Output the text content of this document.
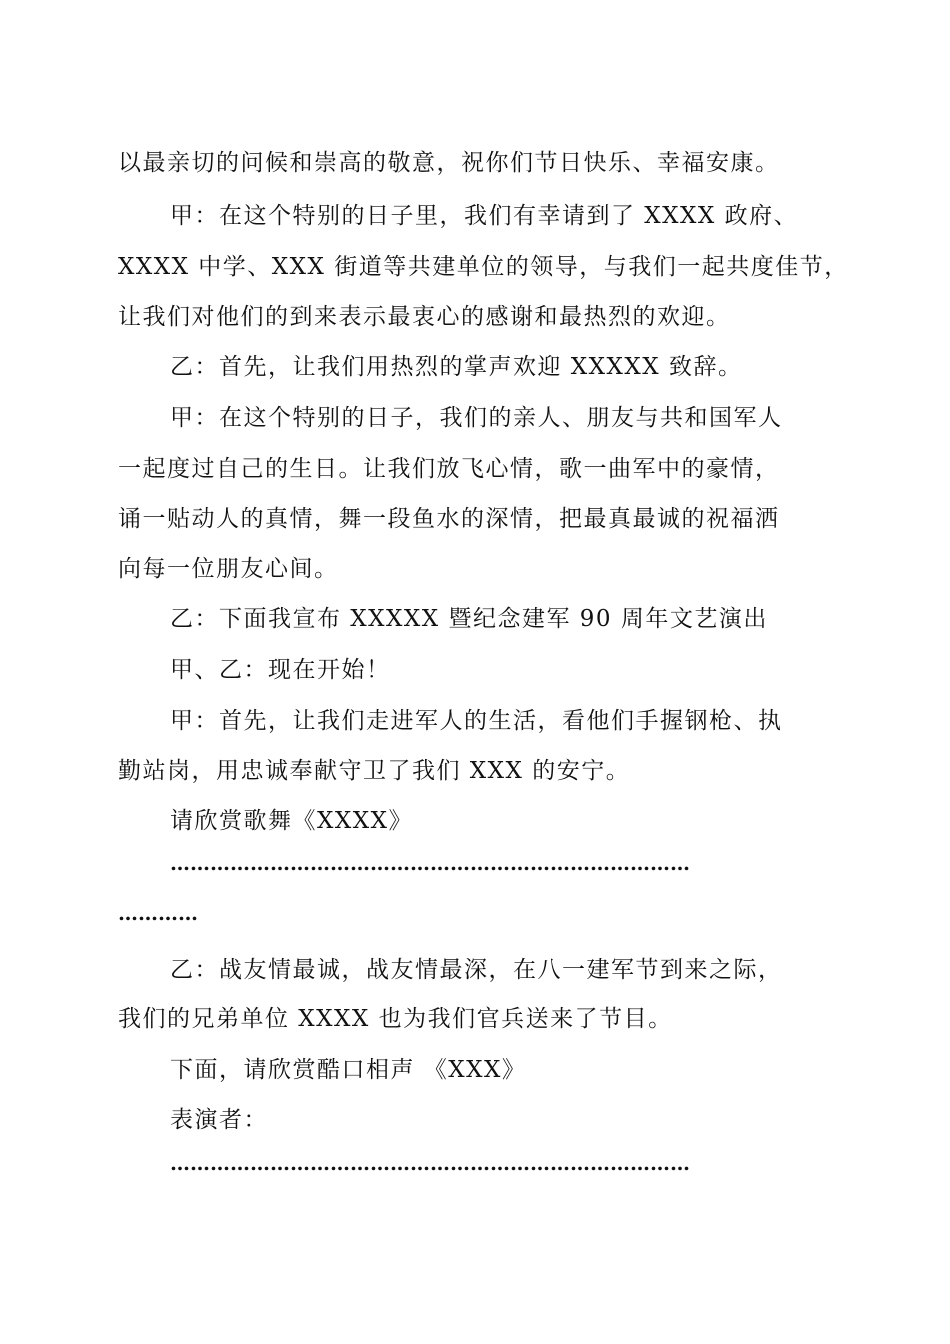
以最亲切的问候和崇高的敬意，祝你们节日快乐、幸福安康。
甲：在这个特别的日子里，我们有幸请到了 XXXX 政府、
XXXX 中学、XXX 街道等共建单位的领导，与我们一起共度佳节，
让我们对他们的到来表示最衷心的感谢和最热烈的欢迎。
乙：首先，让我们用热烈的掌声欢迎 XXXXX 致辞。
甲：在这个特别的日子，我们的亲人、朋友与共和国军人
一起度过自己的生日。让我们放飞心情，歌一曲军中的豪情，
诵一贴动人的真情，舞一段鱼水的深情，把最真最诚的祝福洒
向每一位朋友心间。
乙：下面我宣布 XXXXX 暨纪念建军 90 周年文艺演出
甲、乙：现在开始！
甲：首先，让我们走进军人的生活，看他们手握钢枪、执
勤站岗，用忠诚奉献守卫了我们 XXX 的安宁。
请欣赏歌舞《XXXX》
……………………………………………………………………
…………
乙：战友情最诚，战友情最深，在八一建军节到来之际，
我们的兄弟单位 XXXX 也为我们官兵送来了节目。
下面，请欣赏酷口相声 《XXX》
表演者：
……………………………………………………………………
